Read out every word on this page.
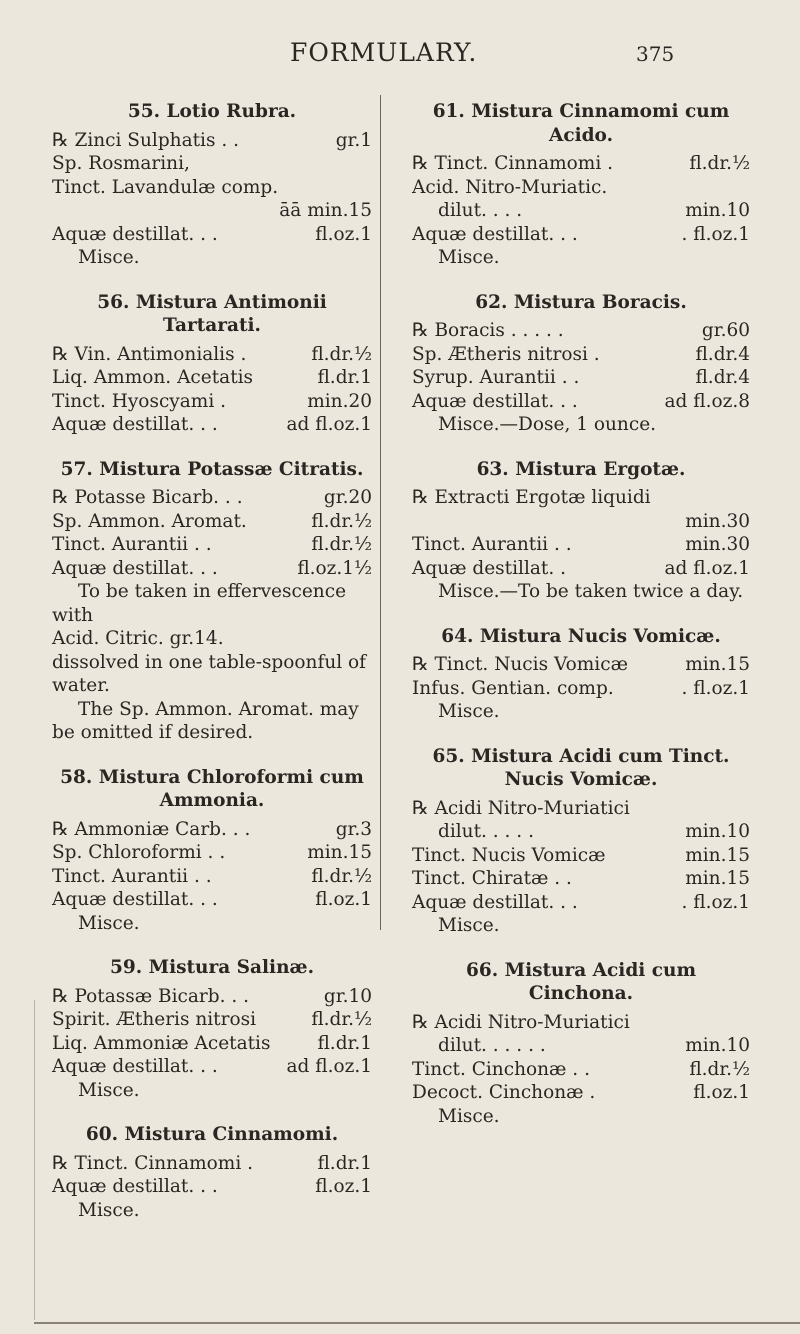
FORMULARY.	375
55. Lotio Rubra.
℞ Zinci Sulphatis . .	gr.1
Sp. Rosmarini,
Tinct. Lavandulæ comp.
āā min.15
Aquæ destillat. . .	fl.oz.1
Misce.
56. Mistura Antimonii Tartarati.
℞ Vin. Antimonialis .	fl.dr.½
Liq. Ammon. Acetatis	fl.dr.1
Tinct. Hyoscyami .	min.20
Aquæ destillat. . .	ad fl.oz.1
57. Mistura Potassæ Citratis.
℞ Potasse Bicarb. . .	gr.20
Sp. Ammon. Aromat.	fl.dr.½
Tinct. Aurantii . .	fl.dr.½
Aquæ destillat. . .	fl.oz.1½
To be taken in effervescence with
Acid. Citric. gr.14.
dissolved in one table-spoonful of water.
The Sp. Ammon. Aromat. may be omitted if desired.
58. Mistura Chloroformi cum Ammonia.
℞ Ammoniæ Carb. . .	gr.3
Sp. Chloroformi . .	min.15
Tinct. Aurantii . .	fl.dr.½
Aquæ destillat. . .	fl.oz.1
Misce.
59. Mistura Salinæ.
℞ Potassæ Bicarb. . .	gr.10
Spirit. Ætheris nitrosi	fl.dr.½
Liq. Ammoniæ Acetatis	fl.dr.1
Aquæ destillat. . .	ad fl.oz.1
Misce.
60. Mistura Cinnamomi.
℞ Tinct. Cinnamomi .	fl.dr.1
Aquæ destillat. . .	fl.oz.1
Misce.
61. Mistura Cinnamomi cum Acido.
℞ Tinct. Cinnamomi .	fl.dr.½
Acid. Nitro-Muriatic.
dilut. . . .	min.10
Aquæ destillat. . .	. fl.oz.1
Misce.
62. Mistura Boracis.
℞ Boracis . . . . .	gr.60
Sp. Ætheris nitrosi .	fl.dr.4
Syrup. Aurantii . .	fl.dr.4
Aquæ destillat. . .	ad fl.oz.8
Misce.—Dose, 1 ounce.
63. Mistura Ergotæ.
℞ Extracti Ergotæ liquidi
min.30
Tinct. Aurantii . .	min.30
Aquæ destillat. .	ad fl.oz.1
Misce.—To be taken twice a day.
64. Mistura Nucis Vomicæ.
℞ Tinct. Nucis Vomicæ	min.15
Infus. Gentian. comp.	. fl.oz.1
Misce.
65. Mistura Acidi cum Tinct. Nucis Vomicæ.
℞ Acidi Nitro-Muriatici
dilut. . . . .	min.10
Tinct. Nucis Vomicæ	min.15
Tinct. Chiratæ . .	min.15
Aquæ destillat. . .	. fl.oz.1
Misce.
66. Mistura Acidi cum Cinchona.
℞ Acidi Nitro-Muriatici
dilut. . . . . .	min.10
Tinct. Cinchonæ . .	fl.dr.½
Decoct. Cinchonæ .	fl.oz.1
Misce.
